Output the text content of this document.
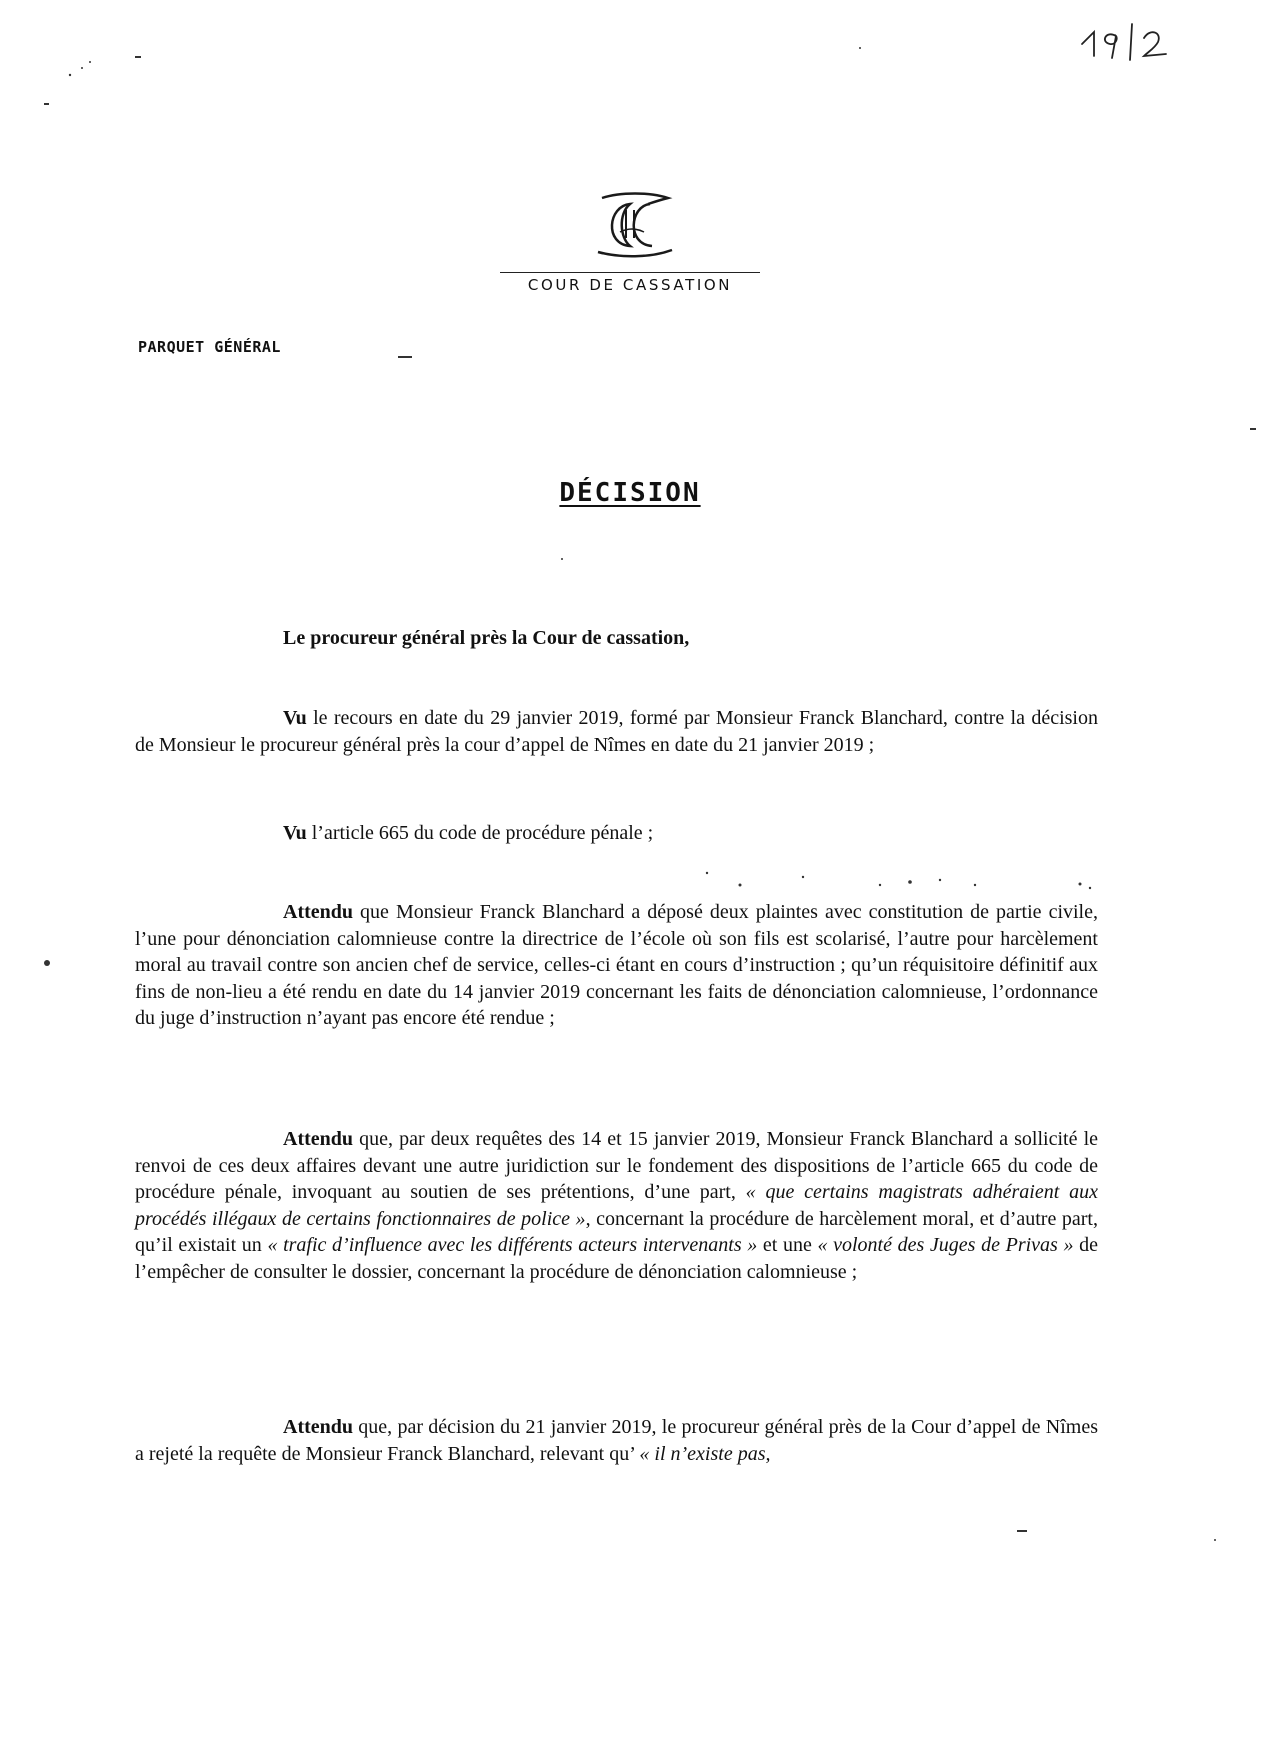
COUR DE CASSATION
PARQUET GÉNÉRAL
DÉCISION
Le procureur général près la Cour de cassation,

Vu le recours en date du 29 janvier 2019, formé par Monsieur Franck Blanchard, contre la décision de Monsieur le procureur général près la cour d’appel de Nîmes en date du 21 janvier 2019 ;

Vu l’article 665 du code de procédure pénale ;

Attendu que Monsieur Franck Blanchard a déposé deux plaintes avec constitution de partie civile, l’une pour dénonciation calomnieuse contre la directrice de l’école où son fils est scolarisé, l’autre pour harcèlement moral au travail contre son ancien chef de service, celles-ci étant en cours d’instruction ; qu’un réquisitoire définitif aux fins de non-lieu a été rendu en date du 14 janvier 2019 concernant les faits de dénonciation calomnieuse, l’ordonnance du juge d’instruction n’ayant pas encore été rendue ;

Attendu que, par deux requêtes des 14 et 15 janvier 2019, Monsieur Franck Blanchard a sollicité le renvoi de ces deux affaires devant une autre juridiction sur le fondement des dispositions de l’article 665 du code de procédure pénale, invoquant au soutien de ses prétentions, d’une part, « que certains magistrats adhéraient aux procédés illégaux de certains fonctionnaires de police », concernant la procédure de harcèlement moral, et d’autre part, qu’il existait un « trafic d’influence avec les différents acteurs intervenants » et une « volonté des Juges de Privas » de l’empêcher de consulter le dossier, concernant la procédure de dénonciation calomnieuse ;

Attendu que, par décision du 21 janvier 2019, le procureur général près de la Cour d’appel de Nîmes a rejeté la requête de Monsieur Franck Blanchard, relevant qu’ « il n’existe pas,
